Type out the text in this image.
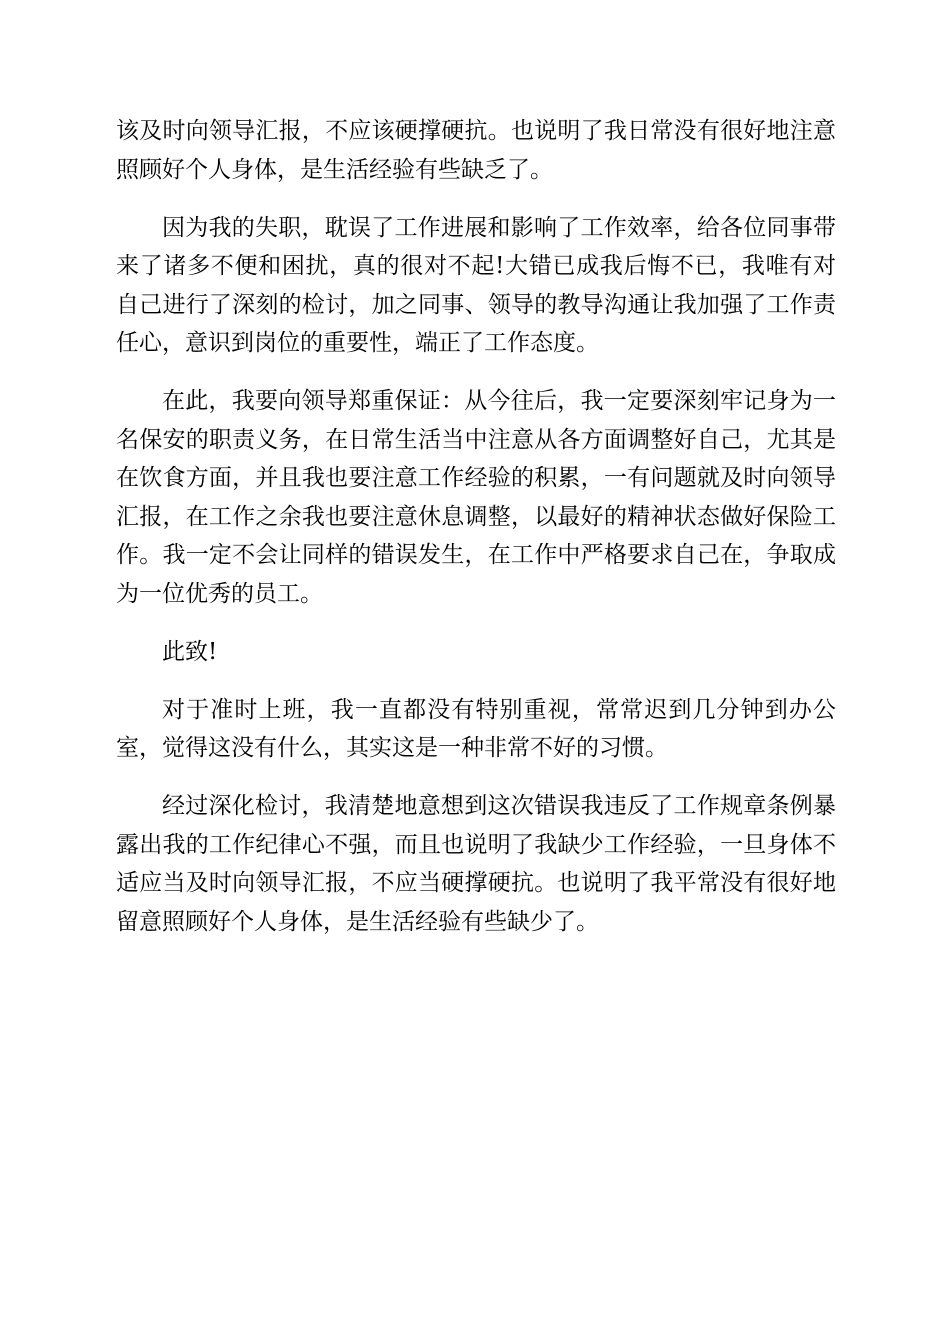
该及时向领导汇报，不应该硬撑硬抗。也说明了我日常没有很好地注意照顾好个人身体，是生活经验有些缺乏了。

因为我的失职，耽误了工作进展和影响了工作效率，给各位同事带来了诸多不便和困扰，真的很对不起!大错已成我后悔不已，我唯有对自己进行了深刻的检讨，加之同事、领导的教导沟通让我加强了工作责任心，意识到岗位的重要性，端正了工作态度。

在此，我要向领导郑重保证：从今往后，我一定要深刻牢记身为一名保安的职责义务，在日常生活当中注意从各方面调整好自己，尤其是在饮食方面，并且我也要注意工作经验的积累，一有问题就及时向领导汇报，在工作之余我也要注意休息调整，以最好的精神状态做好保险工作。我一定不会让同样的错误发生，在工作中严格要求自己在，争取成为一位优秀的员工。

此致!

对于准时上班，我一直都没有特别重视，常常迟到几分钟到办公室，觉得这没有什么，其实这是一种非常不好的习惯。

经过深化检讨，我清楚地意想到这次错误我违反了工作规章条例暴露出我的工作纪律心不强，而且也说明了我缺少工作经验，一旦身体不适应当及时向领导汇报，不应当硬撑硬抗。也说明了我平常没有很好地留意照顾好个人身体，是生活经验有些缺少了。
